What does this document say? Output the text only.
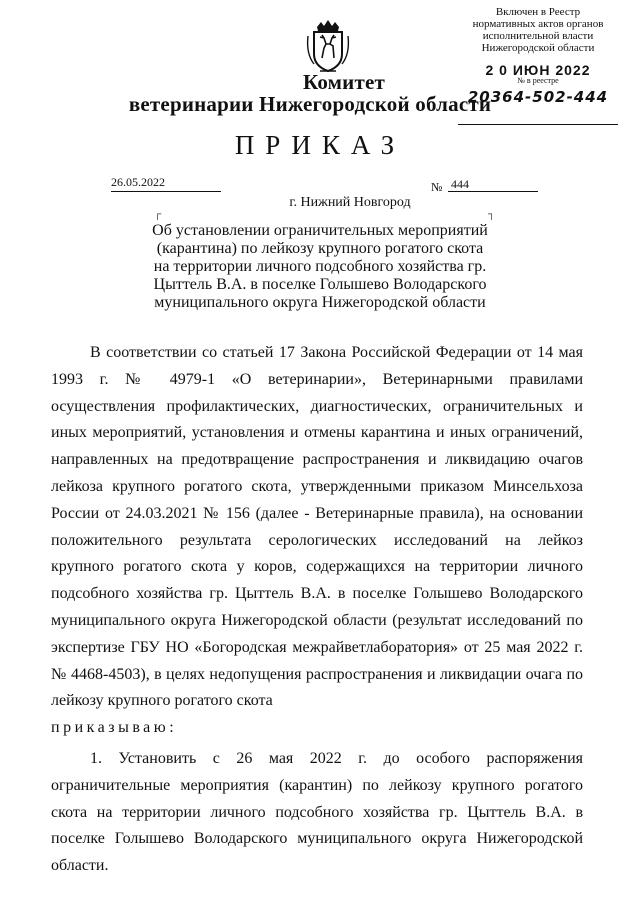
Комитет
ветеринарии Нижегородской области
Включен в Реестр
нормативных актов органов
исполнительной власти
Нижегородской области
2 0 ИЮН 2022
№ в реестре
20364-502-444
ПРИКАЗ
26.05.2022	№ 444
г. Нижний Новгород
┌	┐
Об установлении ограничительных мероприятий (карантина) по лейкозу крупного рогатого скота на территории личного подсобного хозяйства гр. Цыттель В.А. в поселке Голышево Володарского муниципального округа Нижегородской области

В соответствии со статьей 17 Закона Российской Федерации от 14 мая 1993 г. № 4979-1 «О ветеринарии», Ветеринарными правилами осуществления профилактических, диагностических, ограничительных и иных мероприятий, установления и отмены карантина и иных ограничений, направленных на предотвращение распространения и ликвидацию очагов лейкоза крупного рогатого скота, утвержденными приказом Минсельхоза России от 24.03.2021 № 156 (далее - Ветеринарные правила), на основании положительного результата серологических исследований на лейкоз крупного рогатого скота у коров, содержащихся на территории личного подсобного хозяйства гр. Цыттель В.А. в поселке Голышево Володарского муниципального округа Нижегородской области (результат исследований по экспертизе ГБУ НО «Богородская межрайветлаборатория» от 25 мая 2022 г. № 4468-4503), в целях недопущения распространения и ликвидации очага по лейкозу крупного рогатого скота

приказываю:

1. Установить с 26 мая 2022 г. до особого распоряжения ограничительные мероприятия (карантин) по лейкозу крупного рогатого скота на территории личного подсобного хозяйства гр. Цыттель В.А. в поселке Голышево Володарского муниципального округа Нижегородской области.
